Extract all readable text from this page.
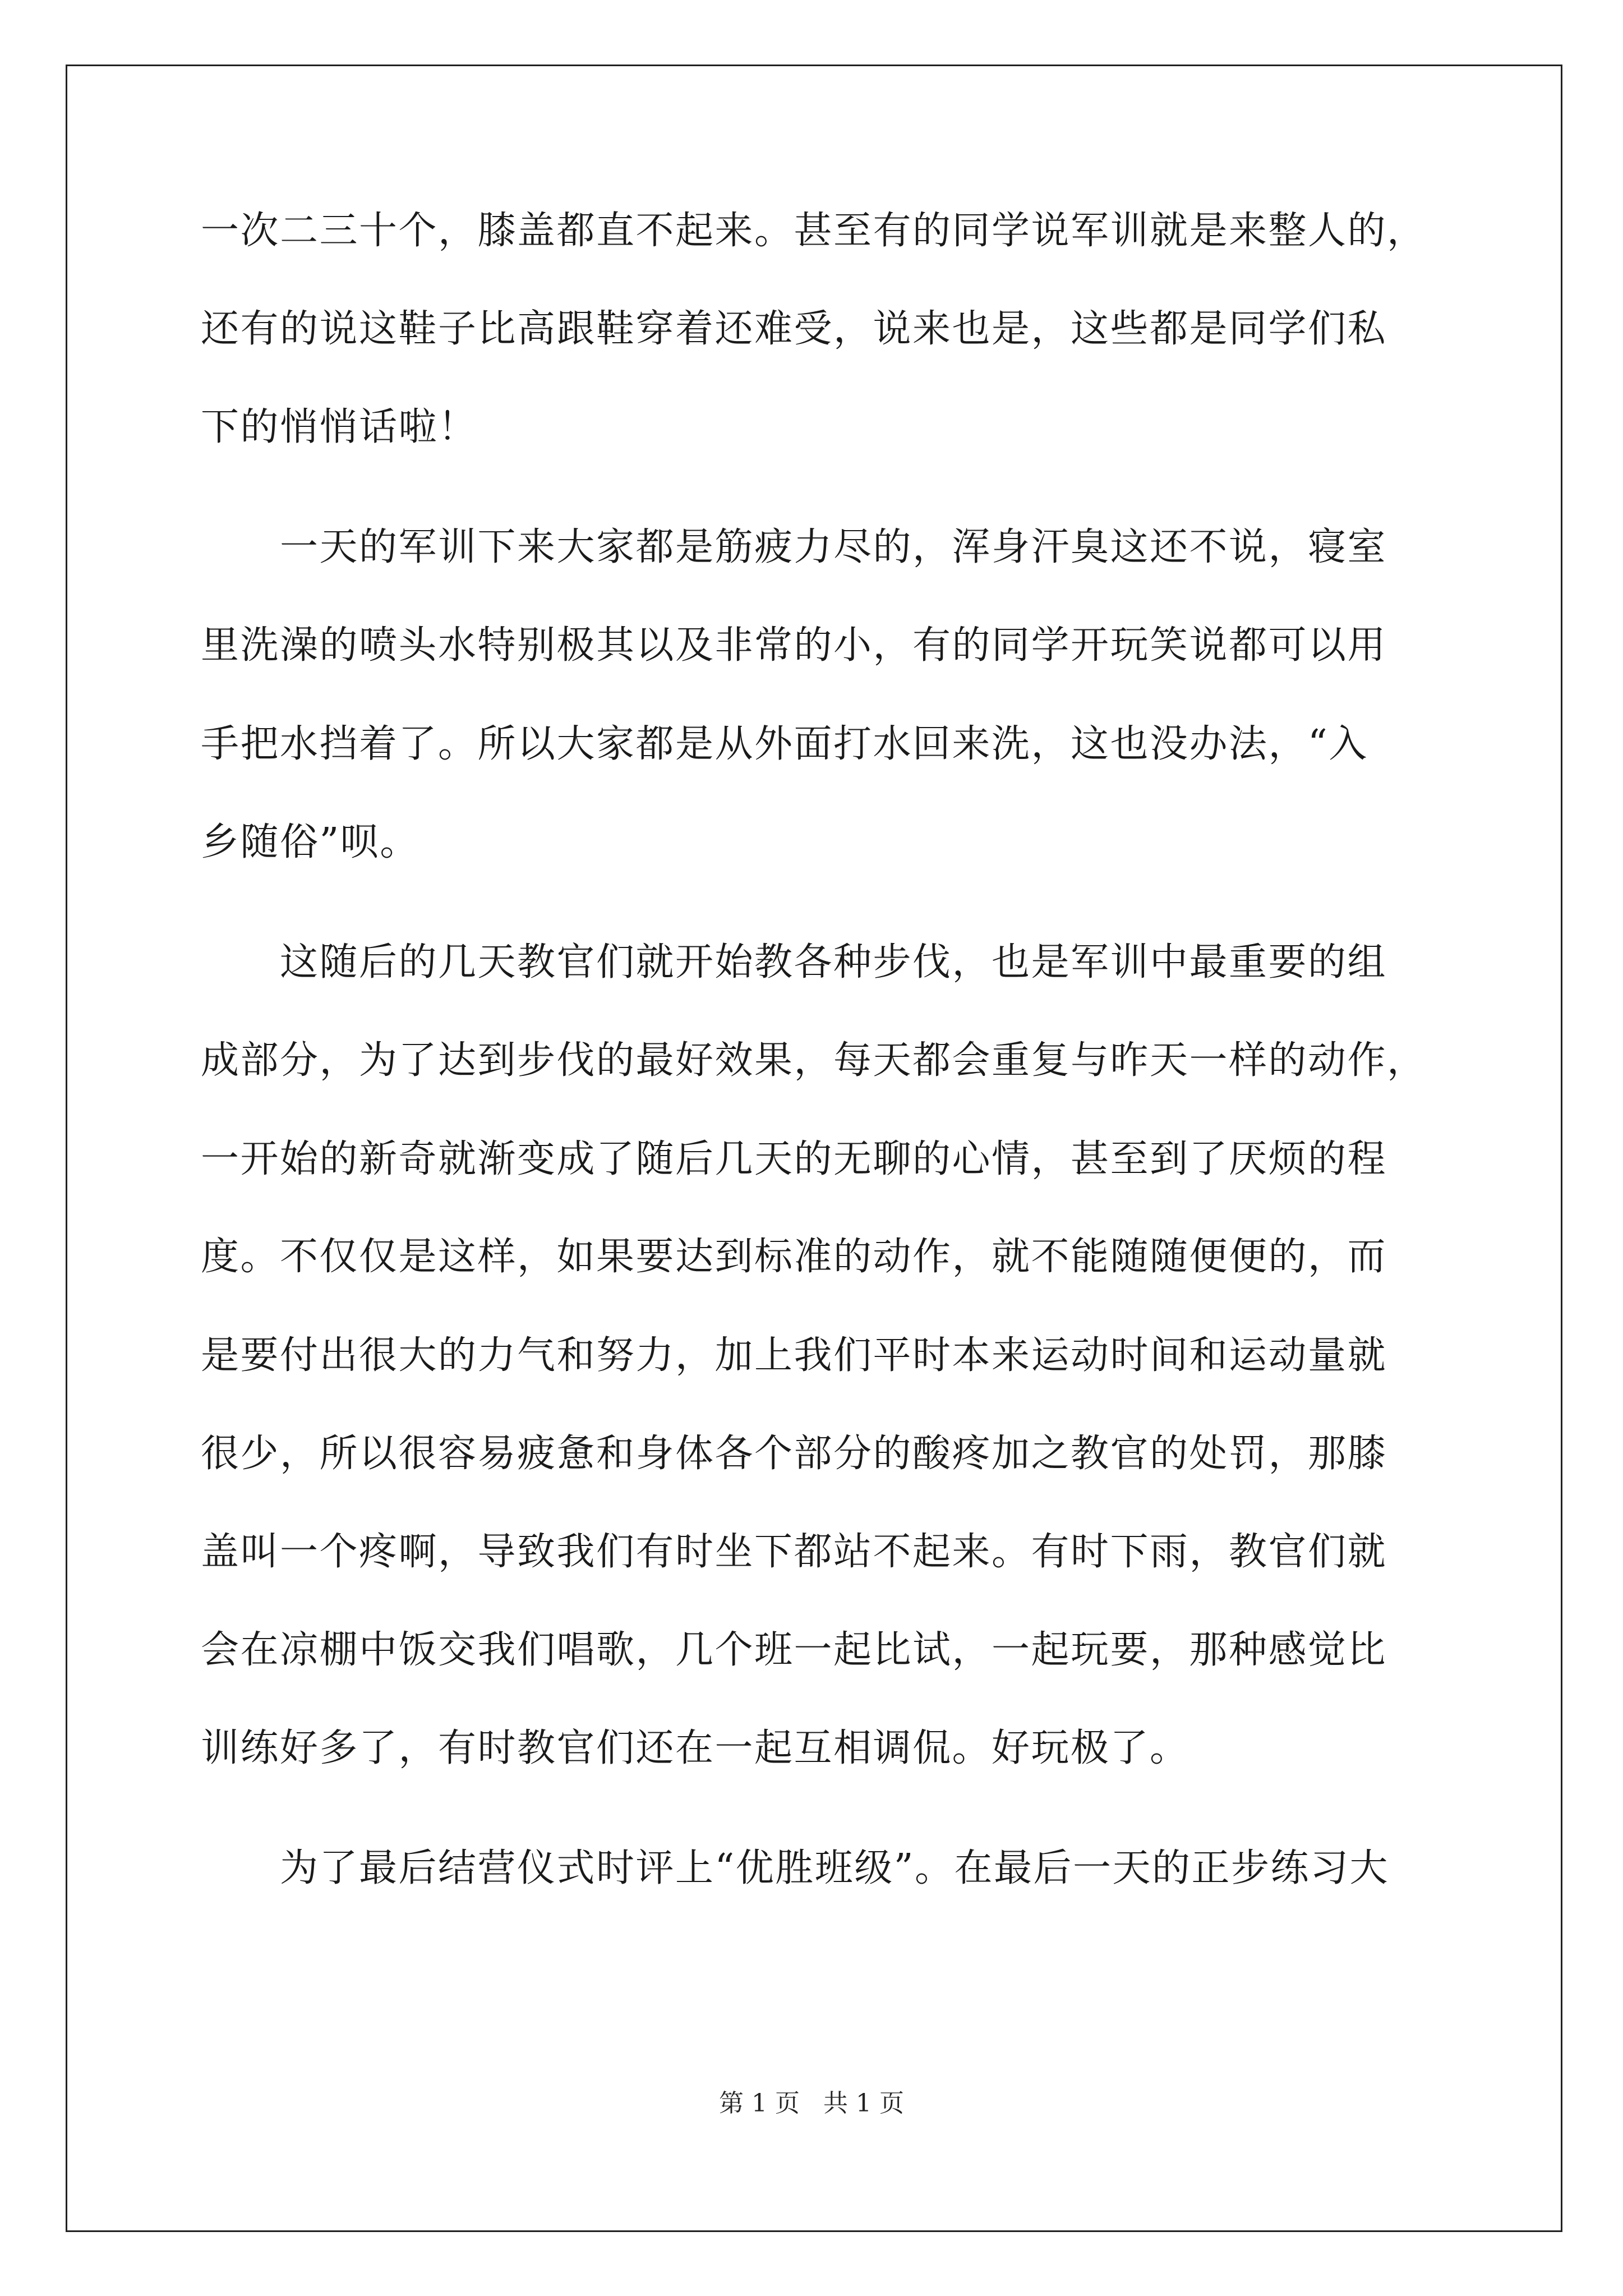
一次二三十个，膝盖都直不起来。甚至有的同学说军训就是来整人的，
还有的说这鞋子比高跟鞋穿着还难受，说来也是，这些都是同学们私
下的悄悄话啦！
　　一天的军训下来大家都是筋疲力尽的，浑身汗臭这还不说，寝室
里洗澡的喷头水特别极其以及非常的小，有的同学开玩笑说都可以用
手把水挡着了。所以大家都是从外面打水回来洗，这也没办法，“入
乡随俗”呗。
　　这随后的几天教官们就开始教各种步伐，也是军训中最重要的组
成部分，为了达到步伐的最好效果，每天都会重复与昨天一样的动作，
一开始的新奇就渐变成了随后几天的无聊的心情，甚至到了厌烦的程
度。不仅仅是这样，如果要达到标准的动作，就不能随随便便的，而
是要付出很大的力气和努力，加上我们平时本来运动时间和运动量就
很少，所以很容易疲惫和身体各个部分的酸疼加之教官的处罚，那膝
盖叫一个疼啊，导致我们有时坐下都站不起来。有时下雨，教官们就
会在凉棚中饭交我们唱歌，几个班一起比试，一起玩要，那种感觉比
训练好多了，有时教官们还在一起互相调侃。好玩极了。
　　为了最后结营仪式时评上“优胜班级”。在最后一天的正步练习大
第 1 页   共 1 页
